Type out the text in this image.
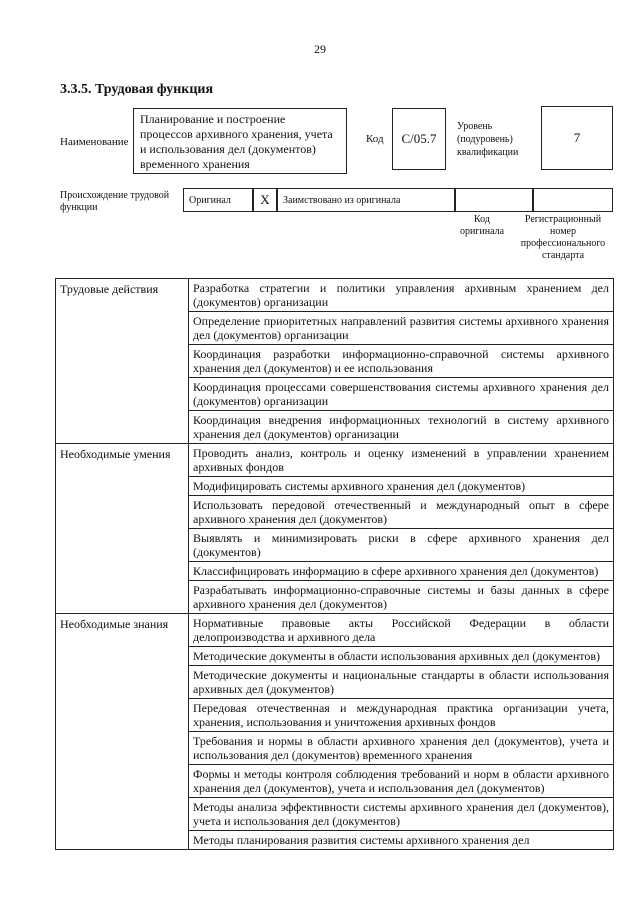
29
3.3.5. Трудовая функция
Наименование
Планирование и построение процессов архивного хранения, учета и использования дел (документов) временного хранения
Код	C/05.7
Уровень (подуровень) квалификации
7
Происхождение трудовой функции
Оригинал	X	Заимствовано из оригинала
Код оригинала
Регистрационный номер профессионального стандарта
Трудовые действия	Разработка стратегии и политики управления архивным хранением дел (документов) организации
	Определение приоритетных направлений развития системы архивного хранения дел (документов) организации
	Координация разработки информационно-справочной системы архивного хранения дел (документов) и ее использования
	Координация процессами совершенствования системы архивного хранения дел (документов) организации
	Координация внедрения информационных технологий в систему архивного хранения дел (документов) организации
Необходимые умения	Проводить анализ, контроль и оценку изменений в управлении хранением архивных фондов
	Модифицировать системы архивного хранения дел (документов)
	Использовать передовой отечественный и международный опыт в сфере архивного хранения дел (документов)
	Выявлять и минимизировать риски в сфере архивного хранения дел (документов)
	Классифицировать информацию в сфере архивного хранения дел (документов)
	Разрабатывать информационно-справочные системы и базы данных в сфере архивного хранения дел (документов)
Необходимые знания	Нормативные правовые акты Российской Федерации в области делопроизводства и архивного дела
	Методические документы в области использования архивных дел (документов)
	Методические документы и национальные стандарты в области использования архивных дел (документов)
	Передовая отечественная и международная практика организации учета, хранения, использования и уничтожения архивных фондов
	Требования и нормы в области архивного хранения дел (документов), учета и использования дел (документов) временного хранения
	Формы и методы контроля соблюдения требований и норм в области архивного хранения дел (документов), учета и использования дел (документов)
	Методы анализа эффективности системы архивного хранения дел (документов), учета и использования дел (документов)
	Методы планирования развития системы архивного хранения дел
